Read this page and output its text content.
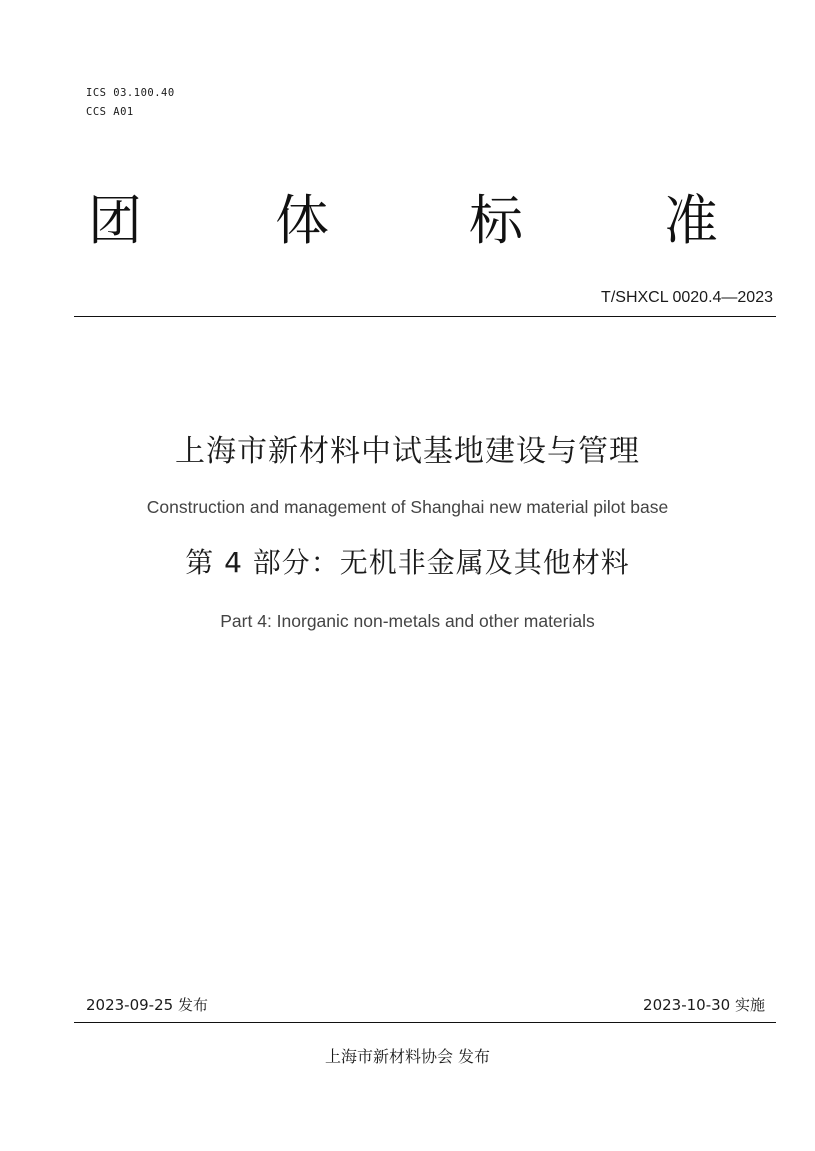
ICS 03.100.40
CCS A01
团 体	标	准
T/SHXCL 0020.4—2023
上海市新材料中试基地建设与管理
Construction and management of Shanghai new material pilot base
第 4 部分：无机非金属及其他材料
Part 4: Inorganic non-metals and other materials
2023-09-25 发布	2023-10-30 实施
上海市新材料协会 发布
